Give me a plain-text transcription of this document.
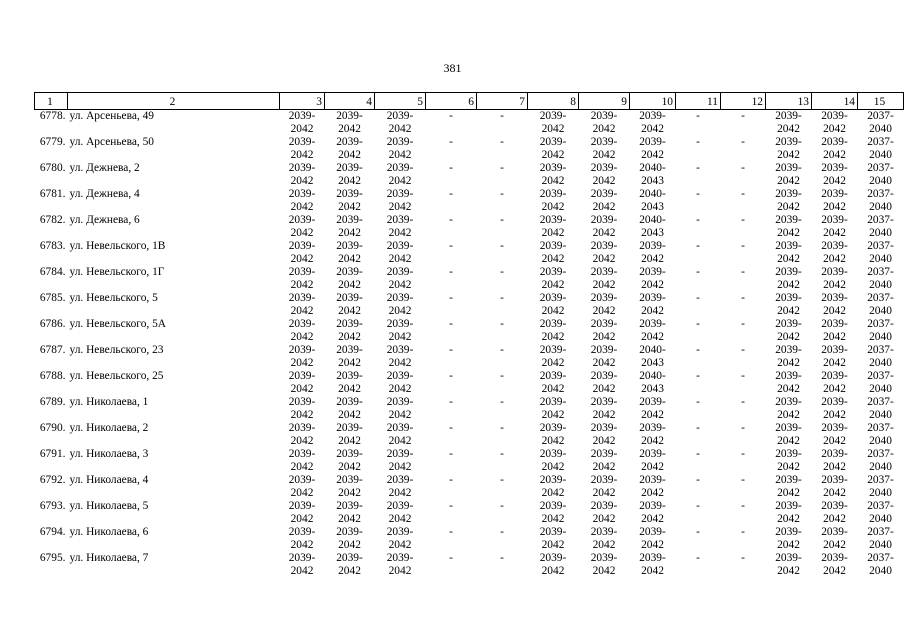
381
1	2	3	4	5	6	7	8	9	10	11	12	13	14	15
6778.	ул. Арсеньева, 49	2039-
2042	2039-
2042	2039-
2042	-	-	2039-
2042	2039-
2042	2039-
2042	-	-	2039-
2042	2039-
2042	2037-
2040

6779.	ул. Арсеньева, 50	2039-
2042	2039-
2042	2039-
2042	-	-	2039-
2042	2039-
2042	2039-
2042	-	-	2039-
2042	2039-
2042	2037-
2040

6780.	ул. Дежнева, 2	2039-
2042	2039-
2042	2039-
2042	-	-	2039-
2042	2039-
2042	2040-
2043	-	-	2039-
2042	2039-
2042	2037-
2040

6781.	ул. Дежнева, 4	2039-
2042	2039-
2042	2039-
2042	-	-	2039-
2042	2039-
2042	2040-
2043	-	-	2039-
2042	2039-
2042	2037-
2040

6782.	ул. Дежнева, 6	2039-
2042	2039-
2042	2039-
2042	-	-	2039-
2042	2039-
2042	2040-
2043	-	-	2039-
2042	2039-
2042	2037-
2040

6783.	ул. Невельского, 1В	2039-
2042	2039-
2042	2039-
2042	-	-	2039-
2042	2039-
2042	2039-
2042	-	-	2039-
2042	2039-
2042	2037-
2040

6784.	ул. Невельского, 1Г	2039-
2042	2039-
2042	2039-
2042	-	-	2039-
2042	2039-
2042	2039-
2042	-	-	2039-
2042	2039-
2042	2037-
2040

6785.	ул. Невельского, 5	2039-
2042	2039-
2042	2039-
2042	-	-	2039-
2042	2039-
2042	2039-
2042	-	-	2039-
2042	2039-
2042	2037-
2040

6786.	ул. Невельского, 5А	2039-
2042	2039-
2042	2039-
2042	-	-	2039-
2042	2039-
2042	2039-
2042	-	-	2039-
2042	2039-
2042	2037-
2040

6787.	ул. Невельского, 23	2039-
2042	2039-
2042	2039-
2042	-	-	2039-
2042	2039-
2042	2040-
2043	-	-	2039-
2042	2039-
2042	2037-
2040

6788.	ул. Невельского, 25	2039-
2042	2039-
2042	2039-
2042	-	-	2039-
2042	2039-
2042	2040-
2043	-	-	2039-
2042	2039-
2042	2037-
2040

6789.	ул. Николаева, 1	2039-
2042	2039-
2042	2039-
2042	-	-	2039-
2042	2039-
2042	2039-
2042	-	-	2039-
2042	2039-
2042	2037-
2040

6790.	ул. Николаева, 2	2039-
2042	2039-
2042	2039-
2042	-	-	2039-
2042	2039-
2042	2039-
2042	-	-	2039-
2042	2039-
2042	2037-
2040

6791.	ул. Николаева, 3	2039-
2042	2039-
2042	2039-
2042	-	-	2039-
2042	2039-
2042	2039-
2042	-	-	2039-
2042	2039-
2042	2037-
2040

6792.	ул. Николаева, 4	2039-
2042	2039-
2042	2039-
2042	-	-	2039-
2042	2039-
2042	2039-
2042	-	-	2039-
2042	2039-
2042	2037-
2040

6793.	ул. Николаева, 5	2039-
2042	2039-
2042	2039-
2042	-	-	2039-
2042	2039-
2042	2039-
2042	-	-	2039-
2042	2039-
2042	2037-
2040

6794.	ул. Николаева, 6	2039-
2042	2039-
2042	2039-
2042	-	-	2039-
2042	2039-
2042	2039-
2042	-	-	2039-
2042	2039-
2042	2037-
2040

6795.	ул. Николаева, 7	2039-
2042	2039-
2042	2039-
2042	-	-	2039-
2042	2039-
2042	2039-
2042	-	-	2039-
2042	2039-
2042	2037-
2040
